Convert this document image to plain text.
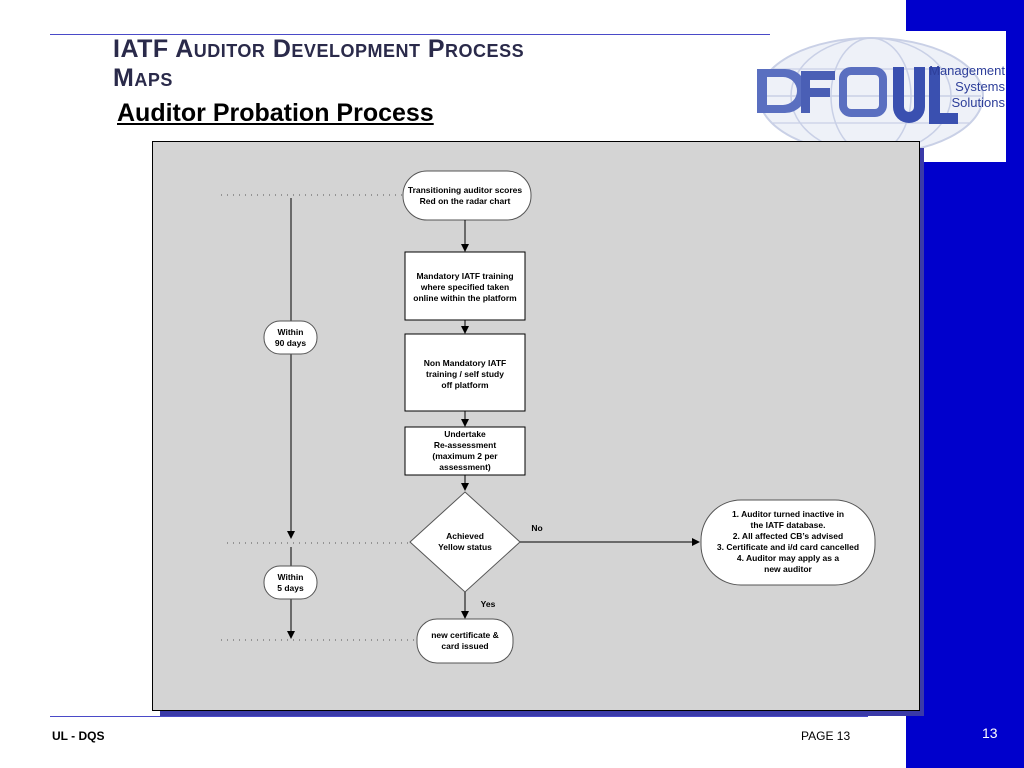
Management
Systems
Solutions
IATF Auditor Development Process
Maps
Auditor Probation Process
Within
90 days
Within
5 days
Transitioning auditor scores
Red on the radar chart
Mandatory IATF training
where specified taken
online within the platform
Non Mandatory IATF
training / self study
off platform
Undertake
Re-assessment
(maximum 2 per
assessment)
Achieved
Yellow status
No
1. Auditor turned inactive in
the IATF database.
2. All affected CB’s advised
3. Certificate and i/d card cancelled
4. Auditor may apply as a
new auditor
Yes
new certificate &
card issued
UL - DQS	PAGE 13	13
